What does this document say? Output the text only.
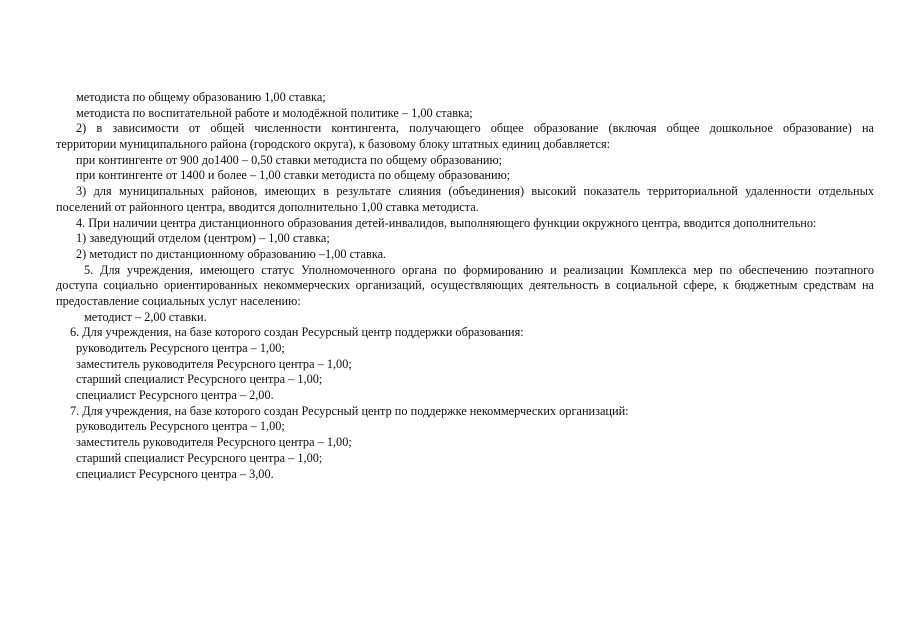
методиста по общему образованию 1,00 ставка;
методиста по воспитательной работе и молодёжной политике – 1,00 ставка;
2) в зависимости от общей численности контингента, получающего общее образование (включая общее дошкольное образование) на
территории муниципального района (городского округа), к базовому блоку штатных единиц добавляется:
при контингенте от 900 до1400 – 0,50 ставки методиста по общему образованию;
при контингенте от 1400 и более – 1,00 ставки методиста по общему образованию;
3) для муниципальных районов, имеющих в результате слияния (объединения) высокий показатель территориальной удаленности отдельных
поселений от районного центра, вводится дополнительно 1,00 ставка методиста.
4. При наличии центра дистанционного образования детей-инвалидов, выполняющего функции окружного центра, вводится дополнительно:
1) заведующий отделом (центром) – 1,00 ставка;
2) методист по дистанционному образованию –1,00 ставка.
5. Для учреждения, имеющего статус Уполномоченного органа по формированию и реализации Комплекса мер по обеспечению поэтапного
доступа социально ориентированных некоммерческих организаций, осуществляющих деятельность в социальной сфере, к бюджетным средствам на
предоставление социальных услуг населению:
методист – 2,00 ставки.
6. Для учреждения, на базе которого создан Ресурсный центр поддержки образования:
руководитель Ресурсного центра – 1,00;
заместитель руководителя Ресурсного центра – 1,00;
старший специалист Ресурсного центра – 1,00;
специалист Ресурсного центра – 2,00.
7. Для учреждения, на базе которого создан Ресурсный центр по поддержке некоммерческих организаций:
руководитель Ресурсного центра – 1,00;
заместитель руководителя Ресурсного центра – 1,00;
старший специалист Ресурсного центра – 1,00;
специалист Ресурсного центра – 3,00.
